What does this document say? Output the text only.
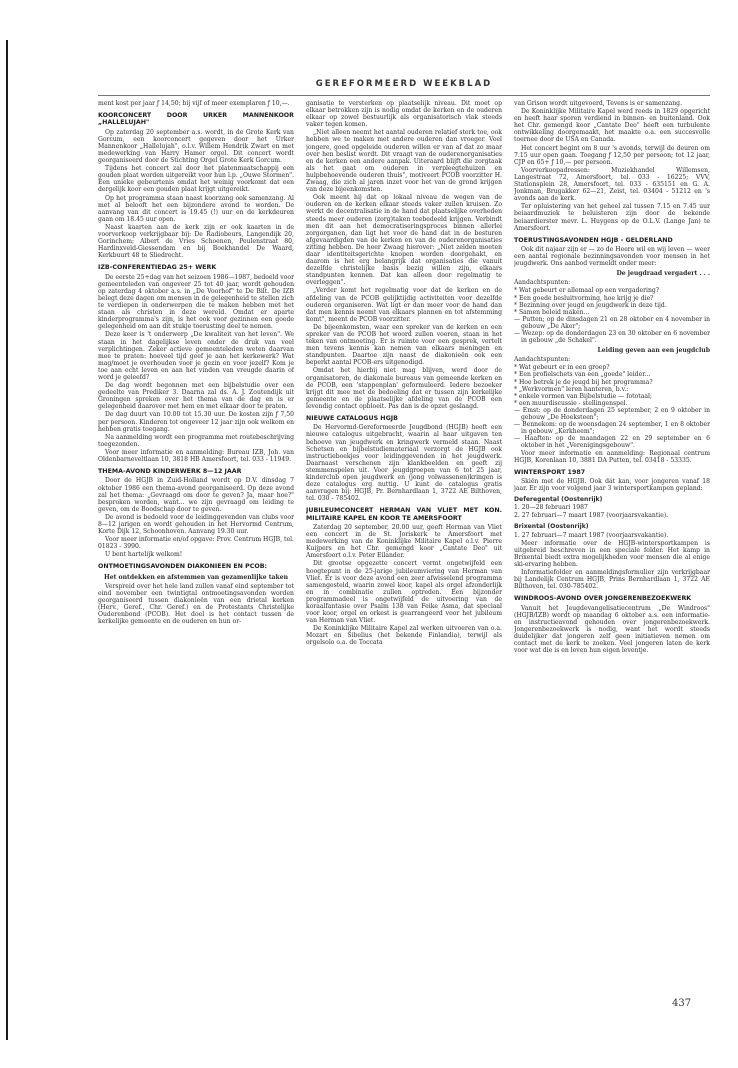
GEREFORMEERD WEEKBLAD

ment kost per jaar ƒ 14,50; bij vijf of meer exemplaren ƒ 10,—.

KOORCONCERT DOOR URKER MANNENKOOR „HALLELUJAH"

Op zaterdag 20 september a.s. wordt, in de Grote Kerk van Gorcum, een koorconcert gegeven door het Urker Mannenkoor „Hallelujah", o.l.v. Willem Hendrik Zwart en met medewerking van Harry Hamer orgel. Dit concert wordt georganiseerd door de Stichting Orgel Grote Kerk Gorcum.

Tijdens het concert zal door het platenmaatschappij een gouden plaat worden uitgereikt voor hun l.p. „Ouwe Stormen". Een unieke gebeurtenis omdat het weinig voorkomt dat een dergelijk koor een gouden plaat krijgt uitgereikt.

Op het programma staan naast koorzang ook samenzang. Al met al belooft het een bijzondere avond te worden. De aanvang van dit concert is 19.45 (!) uur en de kerkdeuren gaan om 18.45 uur open.

Naast kaarten aan de kerk zijn er ook kaarten in de voorverkoop verkrijgbaar bij: De Radiobeurs, Langendijk 20, Gorinchem; Albert de Vries Schoenen, Peulenstraat 80, Hardinxveld-Giessendam en bij Boekhandel De Waard, Kerkbuurt 48 te Sliedrecht.

IZB-CONFERENTIEDAG 25+ WERK

De eerste 25+dag van het seizoen 1986—1987, bedoeld voor gemeenteleden van ongeveer 25 tot 40 jaar, wordt gehouden op zaterdag 4 oktober a.s. in „De Voorhof" te De Bilt. De IZB belegt deze dagen om mensen in de gelegenheid te stellen zich te verdiepen in onderwerpen die te maken hebben met het staan als christen in deze wereld. Omdat er aparte kinderprogramma's zijn, is het ook voor gezinnen een goede gelegenheid om aan dit stukje toerusting deel te nemen.

Deze keer is 't onderwerp „De kwaliteit van het leven". We staan in het dagelijkse leven onder de druk van veel verplichtingen. Zeker actieve gemeenteleden weten daarvan mee te praten: hoeveel tijd geef je aan het kerkewerk? Wat mag/moet je overhouden voor je gezin en voor jezelf? Kom je toe aan echt leven en aan het vinden van vreugde daarin of word je geleefd?

De dag wordt begonnen met een bijbelstudie over een gedeelte van Prediker 3. Daarna zal ds. A. J. Zoutendijk uit Groningen spreken over het thema van de dag en is er gelegenheid daarover met hem en met elkaar door te praten.

De dag duurt van 10.00 tot 15.30 uur. De kosten zijn ƒ 7,50 per persoon. Kinderen tot ongeveer 12 jaar zijn ook welkom en hebben gratis toegang.

Na aanmelding wordt een programma met routebeschrijving toegezonden.

Voor meer informatie en aanmelding: Bureau IZB, Joh. van Oldenbarneveltlaan 10, 3818 HB Amersfoort, tel. 033 - 11949.

THEMA-AVOND KINDERWERK 8—12 JAAR

Door de HGJB in Zuid-Holland wordt op D.V. dinsdag 7 oktober 1986 een thema-avond georganiseerd. Op deze avond zal het thema: „Gevraagd om door te geven? Ja, maar hoe?" besproken worden, want... we zijn gevraagd om leiding te geven, om de Boodschap door te geven.

De avond is bedoeld voor de leidinggevenden van clubs voor 8—12 jarigen en wordt gehouden in het Hervormd Centrum, Korte Dijk 12, Schoonhoven. Aanvang 19.30 uur.

Voor meer informatie en/of opgave: Prov. Centrum HGJB, tel. 01823 - 3990.

U bent hartelijk welkom!

ONTMOETINGSAVONDEN DIAKONIEEN EN PCOB:
Het ontdekken en afstemmen van gezamenlijke taken

Verspreid over het hele land zullen vanaf eind september tot eind november een twintigtal ontmoetingsavonden worden georganiseerd tussen diakonieën van een drietal kerken (Herv., Geref., Chr. Geref.) en de Protestants Christelijke Ouderenbond (PCOB). Het doel is het contact tussen de kerkelijke gemeente en de ouderen en hun or-

ganisatie te versterken op plaatselijk niveau. Dit moet op elkaar betrokken zijn is nodig omdat de kerken en de ouderen elkaar op zowel bestuurlijk als organisatorisch vlak steeds vaker tegen komen.

„Niet alleen neemt het aantal ouderen relatief sterk toe, ook hebben we te maken met andere ouderen dan vroeger. Veel jongere, goed opgeleide ouderen willen er van af dat zo maar over hen beslist wordt. Dit vraagt van de ouderenorganisaties en de kerken een andere aanpak. Uiteraard blijft die zorgtaak als het gaat om ouderen in verpleegtehuizen en hulpbehoevende ouderen thuis", motiveert PCOB voorzitter H. Zwaag, die zich al jaren inzet voor het van de grond krijgen van deze bijeenkomsten.

Ook meent hij dat op lokaal niveau de wegen van de ouderen en de kerken elkaar steeds vaker zullen kruisen. Zo werkt de decentralisatie in de hand dat plaatselijke overheden steeds meer ouderen (zorg)taken toebedeeld krijgen. Verbindt men dit aan het democratiseringsproces binnen allerlei zorgorganen, dan ligt het voor de hand dat in de besturen afgevaardigden van de kerken en van de ouderenorganisaties zitting hebben. De heer Zwaag hierover: „Niet zelden moeten daar identiteitsgerichte knopen worden doorgehakt, en daarom is het erg belangrijk dat organisaties die vanuit dezelfde christelijke basis bezig willen zijn, elkaars standpunten kennen. Dat kan alleen door regelmatig te overleggen".

„Verder komt het regelmatig voor dat de kerken en de afdeling van de PCOB gelijktijdig activiteiten voor dezelfde ouderen organiseren. Wat ligt er dan meer voor de hand dan dat men kennis neemt van elkaars plannen en tot afstemming komt", meent de PCOB voorzitter.

De bijeenkomsten, waar een spreker van de kerken en een spreker van de PCOB het woord zullen voeren, staan in het teken van ontmoeting. Er is ruimte voor een gesprek, vertelt men tevens kennis kan nemen van elkaars meningen en standpunten. Daartoe zijn naast de diakonieën ook een beperkt aantal PCOB-ers uitgenodigd.

Omdat het hierbij niet mag blijven, werd door de organisatoren, de diakonale bureaus van gemeende kerken en de PCOB, een 'stappenplan' geformuleerd. Iedere bezoeker krijgt dit mee met de bedoeling dat er tussen zijn kerkelijke gemeente en de plaatselijke afdeling van de PCOB een levendig contact opbloeit. Pas dan is de opzet geslaagd.

NIEUWE CATALOGUS HGJB

De Hervormd-Gereformeerde Jeugdbond (HGJB) heeft een nieuwe catalogus uitgebracht, waarin al haar uitgaven ten behoeve van jeugdwerk en kringwerk vermeld staan. Naast Schetsen en bijbelstudiemateriaal verzorgt de HGJB ook instructieboekjes voor leidinggevenden in het jeugdwerk. Daarnaast verschenen zijn klankbeelden en geeft zij stemmenspelen uit. Voor jeugdgroepen van 6 tot 25 jaar, kinderclub open jeugdwerk en (jong volwassenen)kringen is deze catalogus erg nuttig. U kunt de catalogus gratis aanvragen bij: HGJB, Pr. Bernhardlaan 1, 3722 AE Bilthoven, tel. 030 - 785402.

JUBILEUMCONCERT HERMAN VAN VLIET MET KON. MILITAIRE KAPEL EN KOOR TE AMERSFOORT

Zaterdag 20 september, 20.00 uur, geeft Herman van Vliet een concert in de St. Joriskerk te Amersfoort met medewerking van de Koninklijke Militaire Kapel o.l.v. Pierre Kuijpers en het Chr. gemengd koor „Cantate Deo" uit Amersfoort o.l.v. Peter Eilander.

Dit grootse opgezette concert vormt ongetwijfeld een hoogtepunt in de 25-jarige jubileumviering van Herman van Vliet. Er is voor deze avond een zeer afwisselend programma samengesteld, waarin zowel koor, kapel als orgel afzonderlijk en in combinatie zullen optreden. Een bijzonder programmadeel is ongetwijfeld de uitvoering van de koraalfantasie over Psalm 138 van Feike Asma, dat speciaal voor koor, orgel en orkest is gearrangeerd voor het jubileum van Herman van Vliet.

De Koninklijke Militaire Kapel zal werken uitvoeren van o.a. Mozart en Sibelius (het bekende Finlandia), terwijl als orgelsolo o.a. de Toccata

van Grison wordt uitgevoerd, Tevens is er samenzang.

De Koninklijke Militaire Kapel werd reeds in 1829 opgericht en heeft haar sporen verdiend in binnen- en buitenland. Ook het Chr. gemengd koor „Cantate Deo" heeft een turbulente ontwikkeling doorgemaakt, het maakte o.a. een succesvolle toernee door de USA en Canada.

Het concert begint om 8 uur 's avonds, terwijl de deuren om 7.15 uur open gaan. Toegang ƒ 12,50 per persoon; tot 12 jaar, CJP en 65+ ƒ 10,— per persoon.

Voorverkoopadressen: Muziekhandel Willemsen, Langestraat 72, Amersfoort, tel. 033 - 16225; VVV, Stationsplein 28, Amersfoort, tel. 033 - 635151 en G. A. Jonkman, Brugakker 62—21, Zeist, tel. 03404 - 51212 en 's avonds aan de kerk.

Ter opluistering van het geheel zal tussen 7.15 en 7.45 uur beiaardmuziek te beluisteren zijn door de bekende beiaardierster mevr. L. Huygens op de O.L.V. (Lange Jan) te Amersfoort.

TOERUSTINGSAVONDEN HGJB - GELDERLAND

Ook dit najaar zijn er — zo de Heere wil en wij leven — weer een aantal regionale bezinningsavonden voor mensen in het jeugdwerk. Ons aanbod vermeldt onder meer:

De jeugdraad vergadert . . .

Aandachtspunten:

* Wat gebeurt er allemaal op een vergadering?

* Een goede besluitvorming, hoe krijg je die?

* Bezinning over jeugd en jeugdwerk in deze tijd.

* Samen beleid maken...

— Putten; op de dinsdagen 21 en 28 oktober en 4 november in gebouw „De Aker";

— Wezep: op de donderdagen 23 en 30 oktober en 6 november in gebouw „de Schakel".

Leiding geven aan een jeugdclub

Aandachtspunten:

* Wat gebeurt er in een groep?

* Een profielschets van een „goede" leider...

* Hoe betrek je de jeugd bij het programma?

* „Werkvormen" leren hanteren, b.v.:

* enkele vormen van Bijbelstudie — fototaal;

* een muurdiscussie - stellingenspel.

— Emst: op de donderdagen 25 september, 2 en 9 oktober in gebouw „De Hoeksteen";

— Bennekom: op de woensdagen 24 september, 1 en 8 oktober in gebouw „Kerkheem";

— Haaften: op de maandagen 22 en 29 september en 6 oktober in het „Verenigingsgebouw".

Voor meer informatie en aanmelding: Regionaal centrum HGJB, Korenlaan 10, 3881 DA Putten, tel. 03418 - 53335.

WINTERSPORT 1987

Skiën met de HGJB. Ook dát kan, voor jongeren vanaf 18 jaar. Er zijn voor volgend jaar 3 wintersportkampen gepland:

Deferegental (Oostenrijk)

1. 20—28 februari 1987

2. 27 februari—7 maart 1987 (voorjaarsvakantie).

Brixental (Oostenrijk)

1. 27 februari—7 maart 1987 (voorjaarsvakantie).

Meer informatie over de HGJB-wintersportkampen is uitgebreid beschreven in een speciale folder. Het kamp in Brixental biedt extra mogelijkheden voor mensen die al enige ski-ervaring hebben.

Informatiefolder en aanmeldingsformulier zijn verkrijgbaar bij Landelijk Centrum HGJB, Prins Bernhardlaan 1, 3722 AE Bilthoven, tel. 030-785402.

WINDROOS-AVOND OVER JONGERENBEZOEKWERK

Vanuit het Jeugdevangelisatiecentrum „De Windroos" (HGJB/IZB) wordt op maandag 6 oktober a.s. een informatie- en instructieavond gehouden over jongerenbezoekwerk. Jongerenbezoekwerk is nodig, want het wordt steeds duidelijker dat jongeren zelf geen initiatieven nemen om contact met de kerk te zoeken. Veel jongeren laten de kerk voor wat die is en leven hun eigen leventje.

437
